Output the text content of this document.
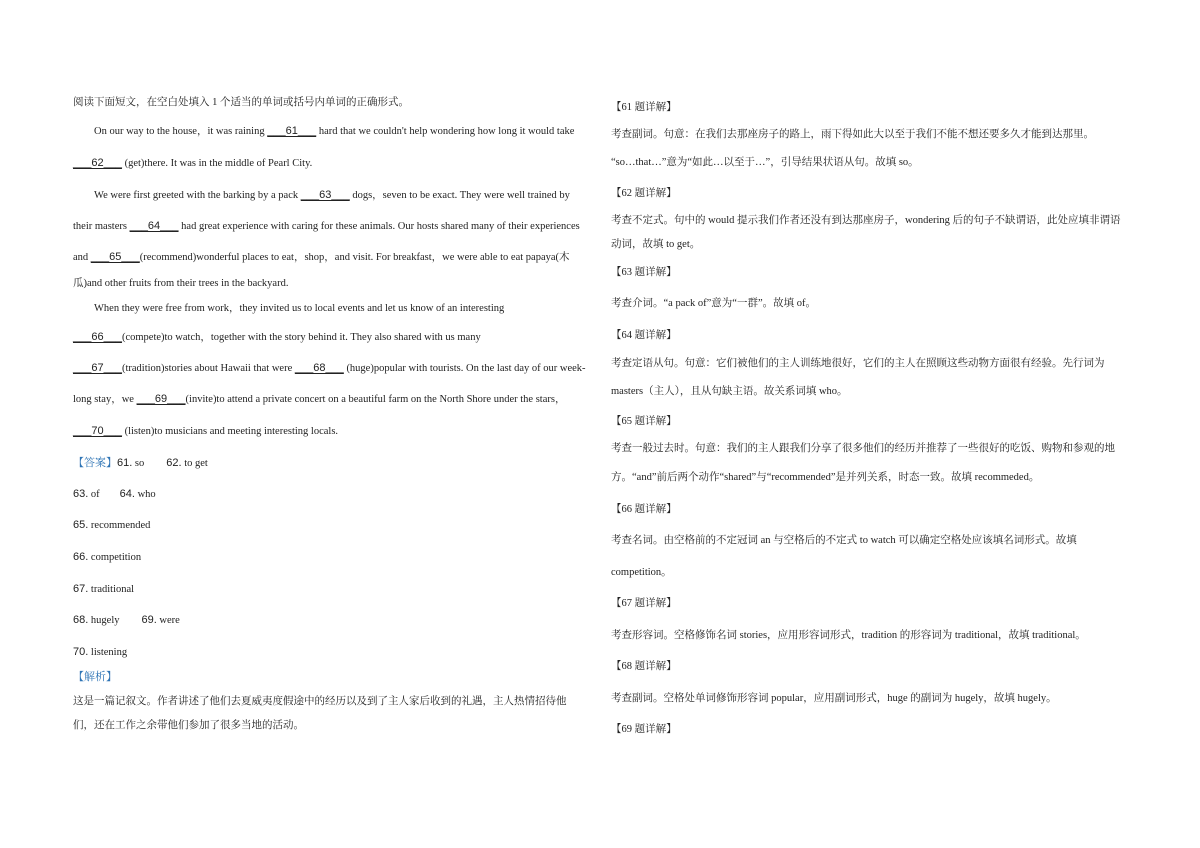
阅读下面短文，在空白处填入 1 个适当的单词或括号内单词的正确形式。
On our way to the house，it was raining ___61___ hard that we couldn't help wondering how long it would take
___62___ (get)there. It was in the middle of Pearl City.
We were first greeted with the barking by a pack ___63___ dogs，seven to be exact. They were well trained by
their masters ___64___ had great experience with caring for these animals. Our hosts shared many of their experiences
and ___65___(recommend)wonderful places to eat，shop，and visit. For breakfast，we were able to eat papaya(木
瓜)and other fruits from their trees in the backyard.
When they were free from work，they invited us to local events and let us know of an interesting
___66___(compete)to watch，together with the story behind it. They also shared with us many
___67___(tradition)stories about Hawaii that were ___68___ (huge)popular with tourists. On the last day of our week-
long stay，we ___69___(invite)to attend a private concert on a beautiful farm on the North Shore under the stars，
___70___ (listen)to musicians and meeting interesting locals.
【答案】61. so 62. to get
63. of 64. who
65. recommended
66. competition
67. traditional
68. hugely 69. were
70. listening
【解析】
这是一篇记叙文。作者讲述了他们去夏威夷度假途中的经历以及到了主人家后收到的礼遇，主人热情招待他
们，还在工作之余带他们参加了很多当地的活动。
【61 题详解】
考查副词。句意：在我们去那座房子的路上，雨下得如此大以至于我们不能不想还要多久才能到达那里。
“so…that…”意为“如此…以至于…”，引导结果状语从句。故填 so。
【62 题详解】
考查不定式。句中的 would 提示我们作者还没有到达那座房子，wondering 后的句子不缺谓语，此处应填非谓语
动词，故填 to get。
【63 题详解】
考查介词。“a pack of”意为“一群”。故填 of。
【64 题详解】
考查定语从句。句意：它们被他们的主人训练地很好，它们的主人在照顾这些动物方面很有经验。先行词为
masters（主人），且从句缺主语。故关系词填 who。
【65 题详解】
考查一般过去时。句意：我们的主人跟我们分享了很多他们的经历并推荐了一些很好的吃饭、购物和参观的地
方。“and”前后两个动作“shared”与“recommended”是并列关系，时态一致。故填 recommeded。
【66 题详解】
考查名词。由空格前的不定冠词 an 与空格后的不定式 to watch 可以确定空格处应该填名词形式。故填
competition。
【67 题详解】
考查形容词。空格修饰名词 stories，应用形容词形式，tradition 的形容词为 traditional，故填 traditional。
【68 题详解】
考查副词。空格处单词修饰形容词 popular，应用副词形式，huge 的副词为 hugely，故填 hugely。
【69 题详解】
